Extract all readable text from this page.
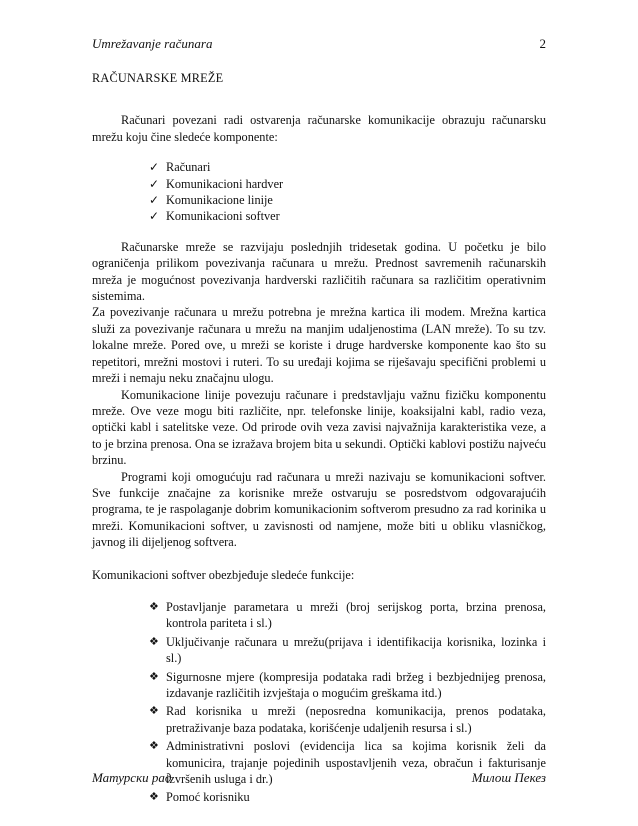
Umrežavanje računara	2
RAČUNARSKE MREŽE

Računari povezani radi ostvarenja računarske komunikacije obrazuju računarsku mrežu koju čine sledeće komponente:

✓ Računari
✓ Komunikacioni hardver
✓ Komunikacione linije
✓ Komunikacioni softver

Računarske mreže se razvijaju poslednjih tridesetak godina. U početku je bilo ograničenja prilikom povezivanja računara u mrežu. Prednost savremenih računarskih mreža je mogućnost povezivanja hardverski različitih računara sa različitim operativnim sistemima.

Za povezivanje računara u mrežu potrebna je mrežna kartica ili modem. Mrežna kartica služi za povezivanje računara u mrežu na manjim udaljenostima (LAN mreže). To su tzv. lokalne mreže. Pored ove, u mreži se koriste i druge hardverske komponente kao što su repetitori, mrežni mostovi i ruteri. To su uređaji kojima se riješavaju specifični problemi u mreži i nemaju neku značajnu ulogu.

Komunikacione linije povezuju računare i predstavljaju važnu fizičku komponentu mreže. Ove veze mogu biti različite, npr. telefonske linije, koaksijalni kabl, radio veza, optički kabl i satelitske veze. Od prirode ovih veza zavisi najvažnija karakteristika veze, a to je brzina prenosa. Ona se izražava brojem bita u sekundi. Optički kablovi postižu najveću brzinu.

Programi koji omogućuju rad računara u mreži nazivaju se komunikacioni softver. Sve funkcije značajne za korisnike mreže ostvaruju se posredstvom odgovarajućih programa, te je raspolaganje dobrim komunikacionim softverom presudno za rad korinika u mreži. Komunikacioni softver, u zavisnosti od namjene, može biti u obliku vlasničkog, javnog ili dijeljenog softvera.

Komunikacioni softver obezbjeđuje sledeće funkcije:

❖ Postavljanje parametara u mreži (broj serijskog porta, brzina prenosa, kontrola pariteta i sl.)
❖ Uključivanje računara u mrežu(prijava i identifikacija korisnika, lozinka i sl.)
❖ Sigurnosne mjere (kompresija podataka radi bržeg i bezbjednijeg prenosa, izdavanje različitih izvještaja o mogućim greškama itd.)
❖ Rad korisnika u mreži (neposredna komunikacija, prenos podataka, pretraživanje baza podataka, korišćenje udaljenih resursa i sl.)
❖ Administrativni poslovi (evidencija lica sa kojima korisnik želi da komunicira, trajanje pojedinih uspostavljenih veza, obračun i fakturisanje izvršenih usluga i dr.)
❖ Pomoć korisniku
Матурски рад	Милош Пекез
